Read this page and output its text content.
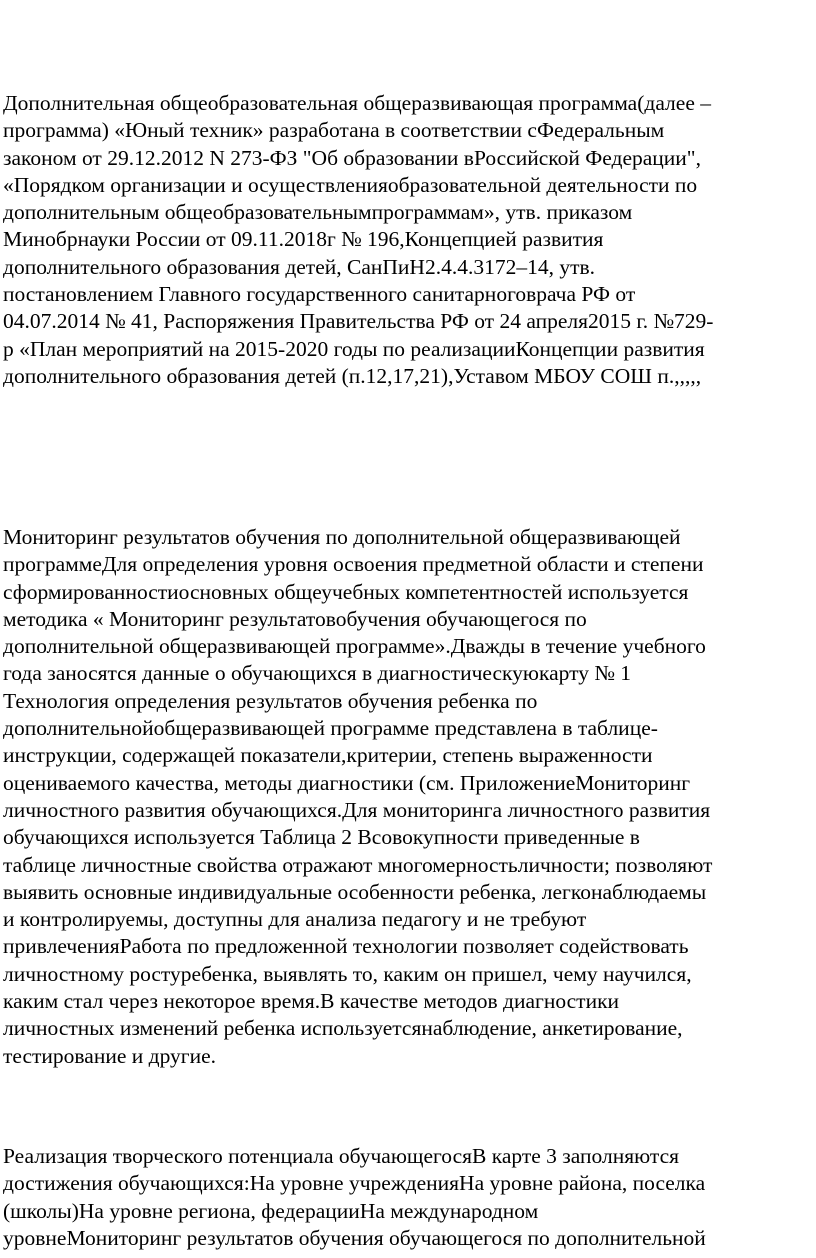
Дополнительная общеобразовательная общеразвивающая программа(далее –
программа) «Юный техник» разработана в соответствии сФедеральным
законом от 29.12.2012 N 273-ФЗ "Об образовании вРоссийской Федерации",
«Порядком организации и осуществленияобразовательной деятельности по
дополнительным общеобразовательнымпрограммам», утв. приказом
Минобрнауки России от 09.11.2018г № 196,Концепцией развития
дополнительного образования детей, СанПиН2.4.4.3172–14, утв.
постановлением Главного государственного санитарноговрача РФ от
04.07.2014 № 41, Распоряжения Правительства РФ от 24 апреля2015 г. №729-
р «План мероприятий на 2015-2020 годы по реализацииКонцепции развития
дополнительного образования детей (п.12,17,21),Уставом МБОУ СОШ п.,,,,,
Мониторинг результатов обучения по дополнительной общеразвивающей
программеДля определения уровня освоения предметной области и степени
сформированностиосновных общеучебных компетентностей используется
методика « Мониторинг результатовобучения обучающегося по
дополнительной общеразвивающей программе».Дважды в течение учебного
года заносятся данные о обучающихся в диагностическуюкарту № 1
Технология определения результатов обучения ребенка по
дополнительнойобщеразвивающей программе представлена в таблице-
инструкции, содержащей показатели,критерии, степень выраженности
оцениваемого качества, методы диагностики (см. ПриложениеМониторинг
личностного развития обучающихся.Для мониторинга личностного развития
обучающихся используется Таблица 2 Всовокупности приведенные в
таблице личностные свойства отражают многомерностьличности; позволяют
выявить основные индивидуальные особенности ребенка, легконаблюдаемы
и контролируемы, доступны для анализа педагогу и не требуют
привлеченияРабота по предложенной технологии позволяет содействовать
личностному ростуребенка, выявлять то, каким он пришел, чему научился,
каким стал через некоторое время.В качестве методов диагностики
личностных изменений ребенка используетсянаблюдение, анкетирование,
тестирование и другие.
Реализация творческого потенциала обучающегосяВ карте 3 заполняются
достижения обучающихся:На уровне учрежденияНа уровне района, поселка
(школы)На уровне региона, федерацииНа международном
уровнеМониторинг результатов обучения обучающегося по дополнительной
